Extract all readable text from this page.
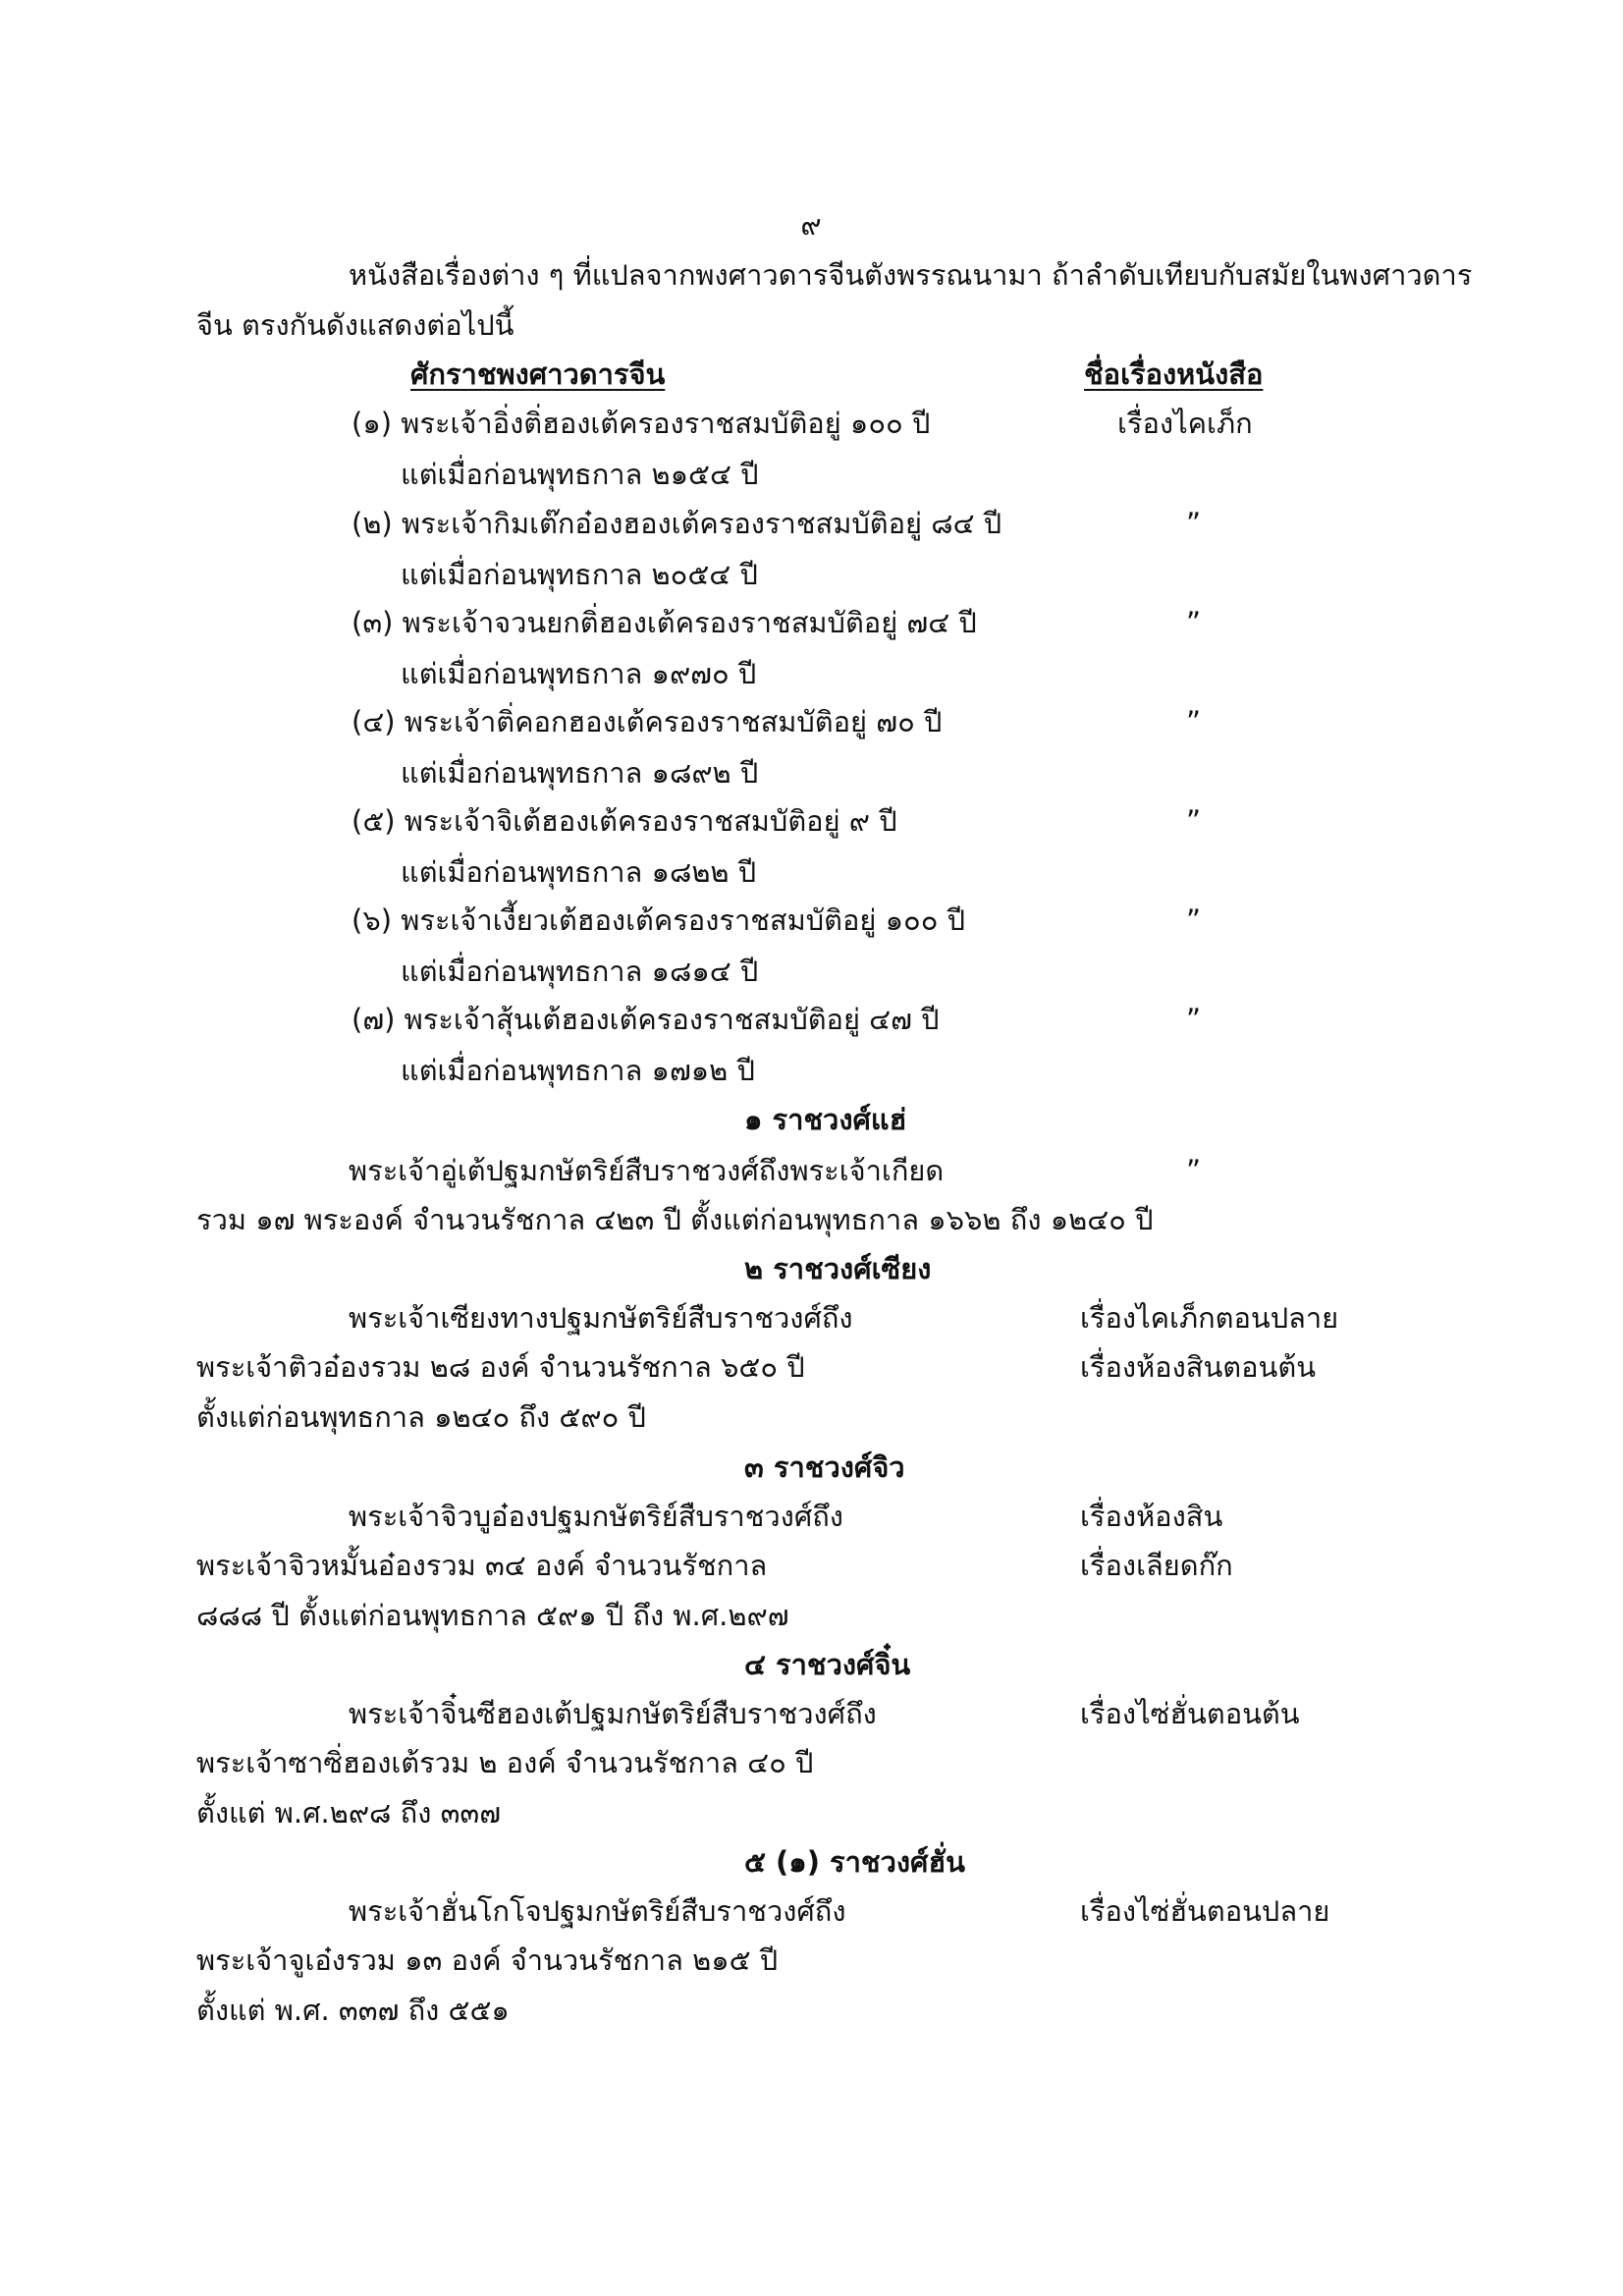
๙
หนังสือเรื่องต่าง ๆ ที่แปลจากพงศาวดารจีนตังพรรณนามา ถ้าลำดับเทียบกับสมัยในพงศาวดาร
จีน ตรงกันดังแสดงต่อไปนี้
ศักราชพงศาวดารจีน	ชื่อเรื่องหนังสือ
(๑) พระเจ้าอิ่งติ่ฮองเต้ครองราชสมบัติอยู่ ๑๐๐ ปี
แต่เมื่อก่อนพุทธกาล ๒๑๕๔ ปี
เรื่องไคเภ็ก
(๒) พระเจ้ากิมเต๊กอ๋องฮองเต้ครองราชสมบัติอยู่ ๘๔ ปี
แต่เมื่อก่อนพุทธกาล ๒๐๕๔ ปี
”
(๓) พระเจ้าจวนยกติ่ฮองเต้ครองราชสมบัติอยู่ ๗๔ ปี
แต่เมื่อก่อนพุทธกาล ๑๙๗๐ ปี
”
(๔) พระเจ้าติ่คอกฮองเต้ครองราชสมบัติอยู่ ๗๐ ปี
แต่เมื่อก่อนพุทธกาล ๑๘๙๒ ปี
”
(๕) พระเจ้าจิเต้ฮองเต้ครองราชสมบัติอยู่ ๙ ปี
แต่เมื่อก่อนพุทธกาล ๑๘๒๒ ปี
”
(๖) พระเจ้าเงี้ยวเต้ฮองเต้ครองราชสมบัติอยู่ ๑๐๐ ปี
แต่เมื่อก่อนพุทธกาล ๑๘๑๔ ปี
”
(๗) พระเจ้าสุ้นเต้ฮองเต้ครองราชสมบัติอยู่ ๔๗ ปี
แต่เมื่อก่อนพุทธกาล ๑๗๑๒ ปี
”
๑ ราชวงศ์แฮ่
พระเจ้าอู่เต้ปฐมกษัตริย์สืบราชวงศ์ถึงพระเจ้าเกียด
รวม ๑๗ พระองค์ จำนวนรัชกาล ๔๒๓ ปี ตั้งแต่ก่อนพุทธกาล ๑๖๖๒ ถึง ๑๒๔๐ ปี
”
๒ ราชวงศ์เซียง
พระเจ้าเซียงทางปฐมกษัตริย์สืบราชวงศ์ถึง
พระเจ้าติวอ๋องรวม ๒๘ องค์ จำนวนรัชกาล ๖๕๐ ปี
ตั้งแต่ก่อนพุทธกาล ๑๒๔๐ ถึง ๕๙๐ ปี
เรื่องไคเภ็กตอนปลาย
เรื่องห้องสินตอนต้น
๓ ราชวงศ์จิว
พระเจ้าจิวบูอ๋องปฐมกษัตริย์สืบราชวงศ์ถึง
พระเจ้าจิวหมั้นอ๋องรวม ๓๔ องค์ จำนวนรัชกาล
๘๘๘ ปี ตั้งแต่ก่อนพุทธกาล ๕๙๑ ปี ถึง พ.ศ.๒๙๗
เรื่องห้องสิน
เรื่องเลียดก๊ก
๔ ราชวงศ์จิ๋น
พระเจ้าจิ๋นซีฮองเต้ปฐมกษัตริย์สืบราชวงศ์ถึง
พระเจ้าซาซิ่ฮองเต้รวม ๒ องค์ จำนวนรัชกาล ๔๐ ปี
ตั้งแต่ พ.ศ.๒๙๘ ถึง ๓๓๗
เรื่องไซ่ฮั่นตอนต้น
๕ (๑) ราชวงศ์ฮั่น
พระเจ้าฮั่นโกโจปฐมกษัตริย์สืบราชวงศ์ถึง
พระเจ้าจูเอ๋งรวม ๑๓ องค์ จำนวนรัชกาล ๒๑๕ ปี
ตั้งแต่ พ.ศ. ๓๓๗ ถึง ๕๕๑
เรื่องไซ่ฮั่นตอนปลาย
